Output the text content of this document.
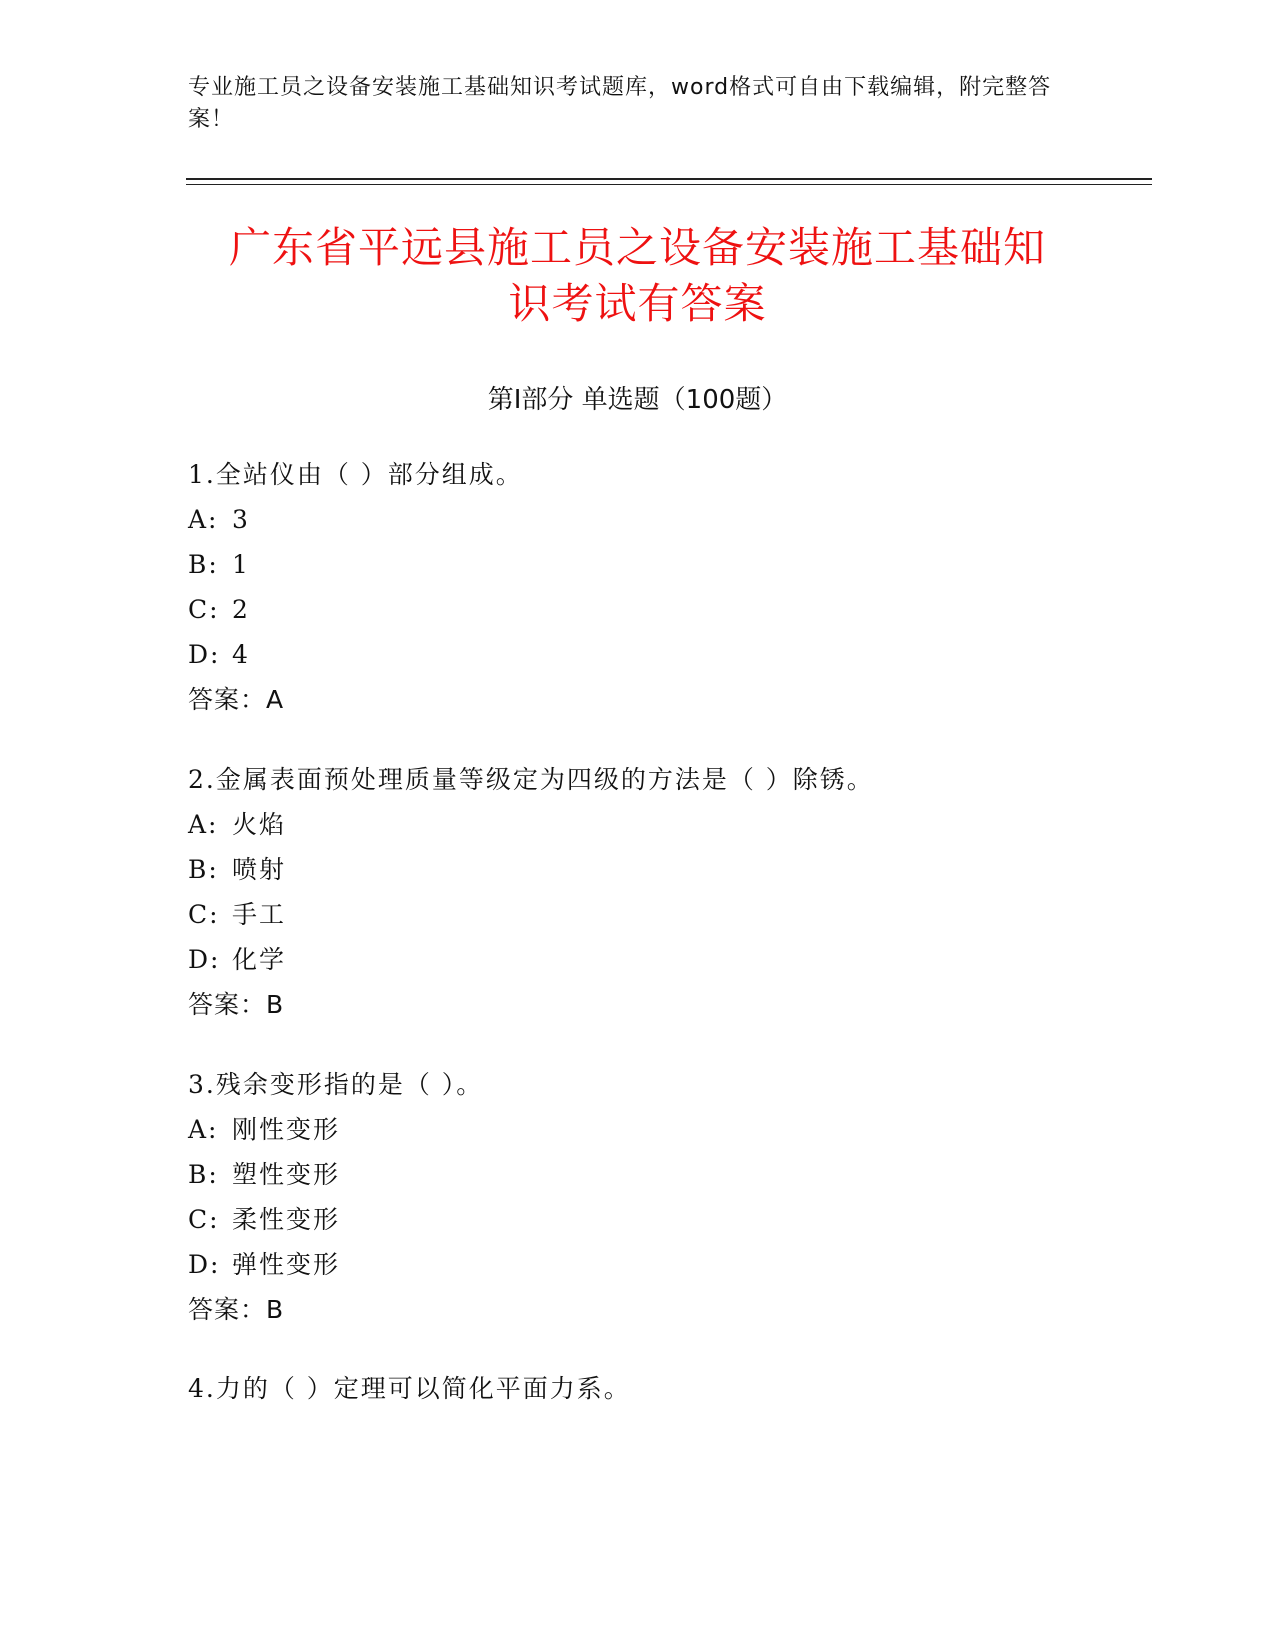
专业施工员之设备安装施工基础知识考试题库，word格式可自由下载编辑，附完整答案！
广东省平远县施工员之设备安装施工基础知
识考试有答案
第Ⅰ部分 单选题（100题）
1.全站仪由（ ）部分组成。
A: 3
B: 1
C: 2
D: 4
答案：A
2.金属表面预处理质量等级定为四级的方法是（ ）除锈。
A: 火焰
B: 喷射
C: 手工
D: 化学
答案：B
3.残余变形指的是（ ）。
A: 刚性变形
B: 塑性变形
C: 柔性变形
D: 弹性变形
答案：B
4.力的（ ）定理可以简化平面力系。
